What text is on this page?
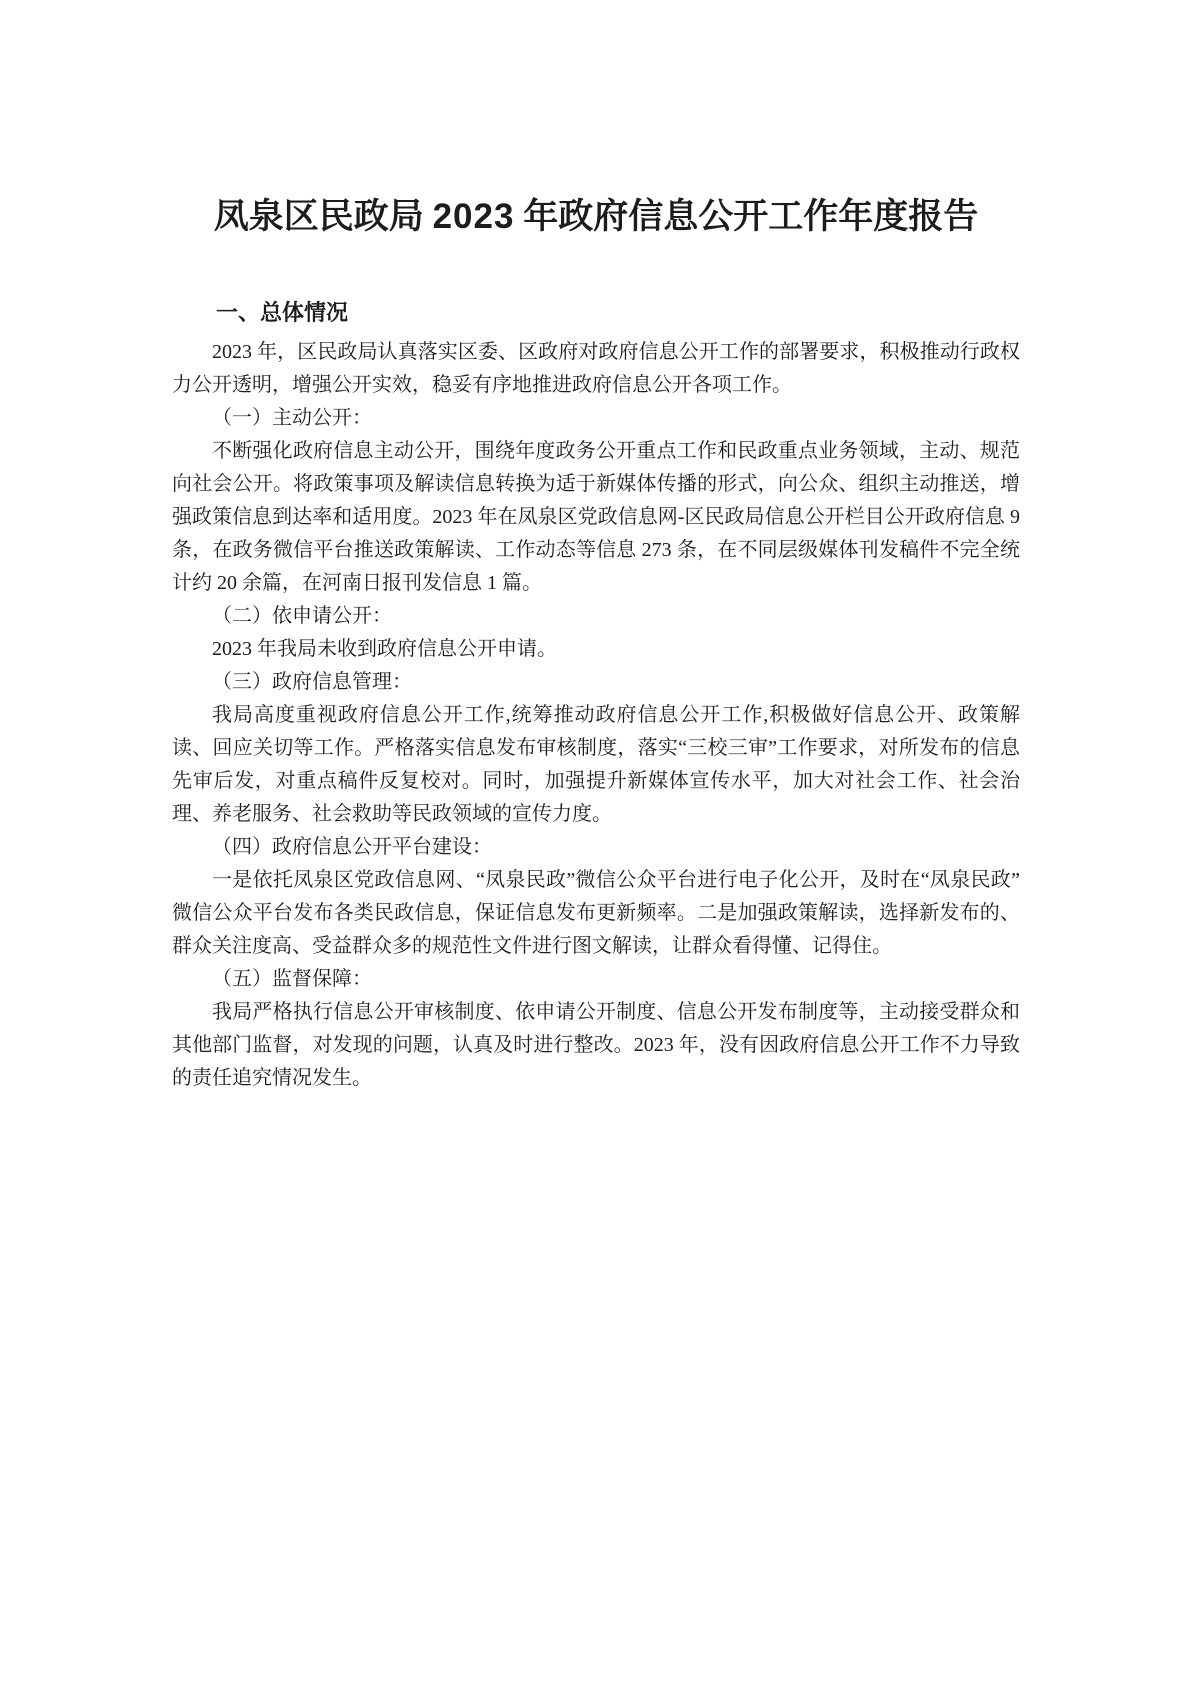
凤泉区民政局 2023 年政府信息公开工作年度报告
一、总体情况

2023 年，区民政局认真落实区委、区政府对政府信息公开工作的部署要求，积极推动行政权力公开透明，增强公开实效，稳妥有序地推进政府信息公开各项工作。

（一）主动公开：

不断强化政府信息主动公开，围绕年度政务公开重点工作和民政重点业务领域，主动、规范向社会公开。将政策事项及解读信息转换为适于新媒体传播的形式，向公众、组织主动推送，增强政策信息到达率和适用度。2023 年在凤泉区党政信息网-区民政局信息公开栏目公开政府信息 9 条，在政务微信平台推送政策解读、工作动态等信息 273 条，在不同层级媒体刊发稿件不完全统计约 20 余篇，在河南日报刊发信息 1 篇。

（二）依申请公开：

2023 年我局未收到政府信息公开申请。

（三）政府信息管理：

我局高度重视政府信息公开工作,统筹推动政府信息公开工作,积极做好信息公开、政策解读、回应关切等工作。严格落实信息发布审核制度，落实“三校三审”工作要求，对所发布的信息先审后发，对重点稿件反复校对。同时，加强提升新媒体宣传水平，加大对社会工作、社会治理、养老服务、社会救助等民政领域的宣传力度。

（四）政府信息公开平台建设：

一是依托凤泉区党政信息网、“凤泉民政”微信公众平台进行电子化公开，及时在“凤泉民政”微信公众平台发布各类民政信息，保证信息发布更新频率。二是加强政策解读，选择新发布的、群众关注度高、受益群众多的规范性文件进行图文解读，让群众看得懂、记得住。

（五）监督保障：

我局严格执行信息公开审核制度、依申请公开制度、信息公开发布制度等，主动接受群众和其他部门监督，对发现的问题，认真及时进行整改。2023 年，没有因政府信息公开工作不力导致的责任追究情况发生。
